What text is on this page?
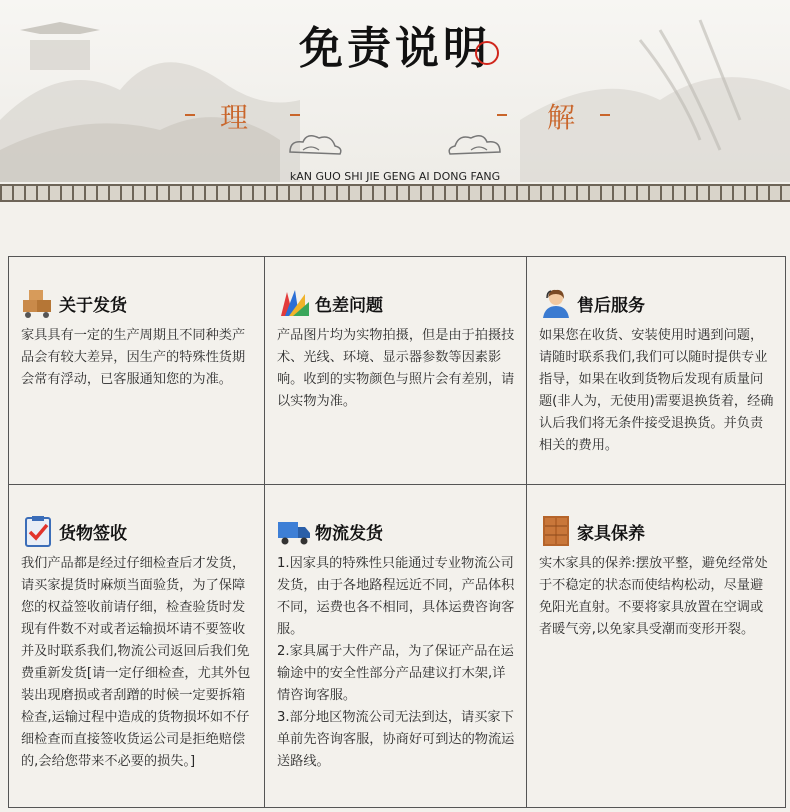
免责说明
理	解
kAN GUO SHI JIE GENG AI DONG FANG
关于发货

家具具有一定的生产周期且不同种类产品会有较大差异，因生产的特殊性货期会常有浮动，已客服通知您的为准。

色差问题

产品图片均为实物拍摄，但是由于拍摄技术、光线、环境、显示器参数等因素影响。收到的实物颜色与照片会有差别，请以实物为准。

售后服务

如果您在收货、安装使用时遇到问题，请随时联系我们,我们可以随时提供专业指导，如果在收到货物后发现有质量问题(非人为，无使用)需要退换货着，经确认后我们将无条件接受退换货。并负责相关的费用。

货物签收

我们产品都是经过仔细检查后才发货，请买家提货时麻烦当面验货，为了保障您的权益签收前请仔细，检查验货时发现有件数不对或者运输损坏请不要签收并及时联系我们,物流公司返回后我们免费重新发货[请一定仔细检查，尤其外包装出现磨损或者刮蹭的时候一定要拆箱检查,运输过程中造成的货物损坏如不仔细检查而直接签收货运公司是拒绝赔偿的,会给您带来不必要的损失。]

物流发货

1.因家具的特殊性只能通过专业物流公司发货，由于各地路程远近不同，产品体积不同，运费也各不相同，具体运费咨询客服。

2.家具属于大件产品，为了保证产品在运输途中的安全性部分产品建议打木架,详情咨询客服。

3.部分地区物流公司无法到达，请买家下单前先咨询客服，协商好可到达的物流运送路线。

家具保养

实木家具的保养:摆放平整，避免经常处于不稳定的状态而使结构松动，尽量避免阳光直射。不要将家具放置在空调或者暖气旁,以免家具受潮而变形开裂。
